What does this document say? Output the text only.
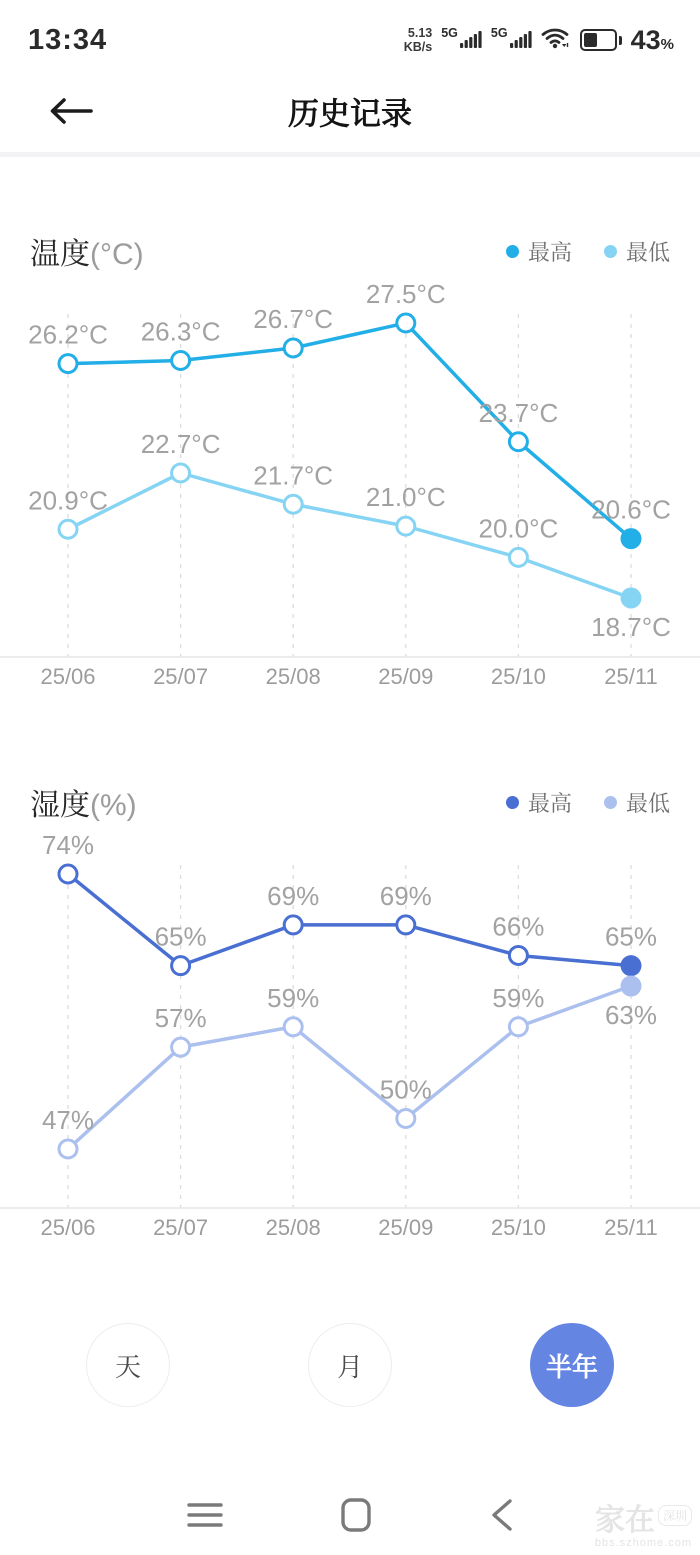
13:34	5.13
KB/s
5G	5G	43%
历史记录
温度(°C)	最高 最低
25/06	25/07	25/08	25/09	25/10	25/11
26.2°C 26.3°C 26.7°C
27.5°C
23.7°C
20.6°C
20.9°C
22.7°C
21.7°C
21.0°C
20.0°C
18.7°C
湿度(%)	最高 最低
25/06	25/07	25/08	25/09	25/10	25/11
74%
65%
69% 69%
66% 65%
47%
57%
59%
50%
59%
63%
天	月	半年
家在 深圳
bbs.szhome.com
